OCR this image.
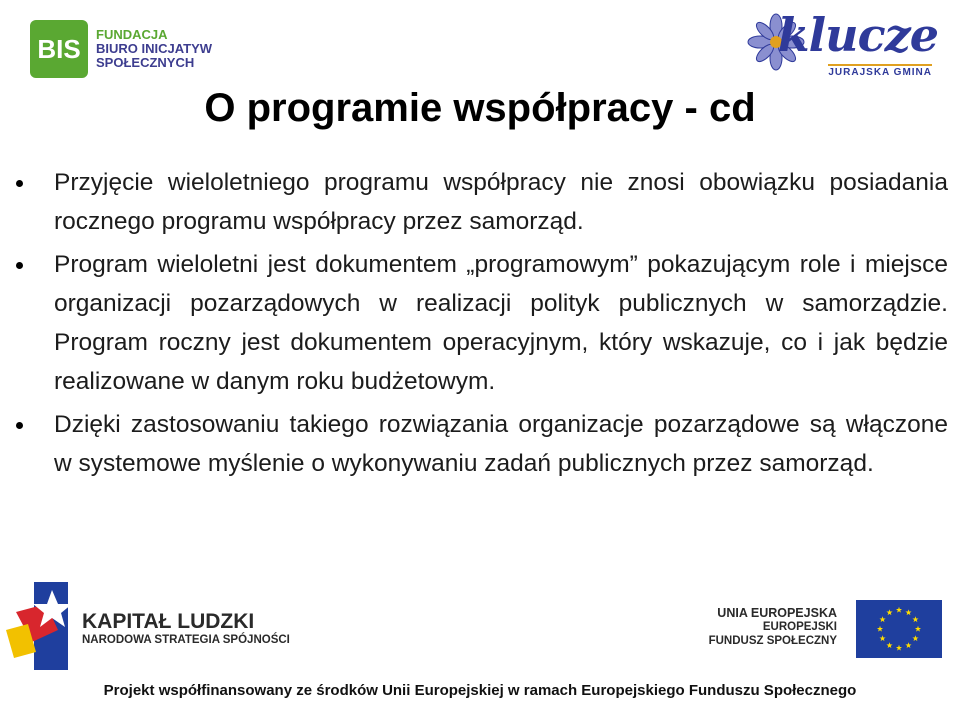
BIS FUNDACJA
BIURO INICJATYW
SPOŁECZNYCH
klucze
JURAJSKA GMINA
O programie współpracy - cd
Przyjęcie wieloletniego programu współpracy nie znosi obowiązku posiadania rocznego programu współpracy przez samorząd.
Program wieloletni jest dokumentem „programowym” pokazującym role i miejsce organizacji pozarządowych w realizacji polityk publicznych w samorządzie. Program roczny jest dokumentem operacyjnym, który wskazuje, co i jak będzie realizowane w danym roku budżetowym.
Dzięki zastosowaniu takiego rozwiązania organizacje pozarządowe są włączone w systemowe myślenie o wykonywaniu zadań publicznych przez samorząd.
KAPITAŁ LUDZKI
NARODOWA STRATEGIA SPÓJNOŚCI
UNIA EUROPEJSKA
EUROPEJSKI
FUNDUSZ SPOŁECZNY
Projekt współfinansowany ze środków Unii Europejskiej w ramach Europejskiego Funduszu Społecznego
